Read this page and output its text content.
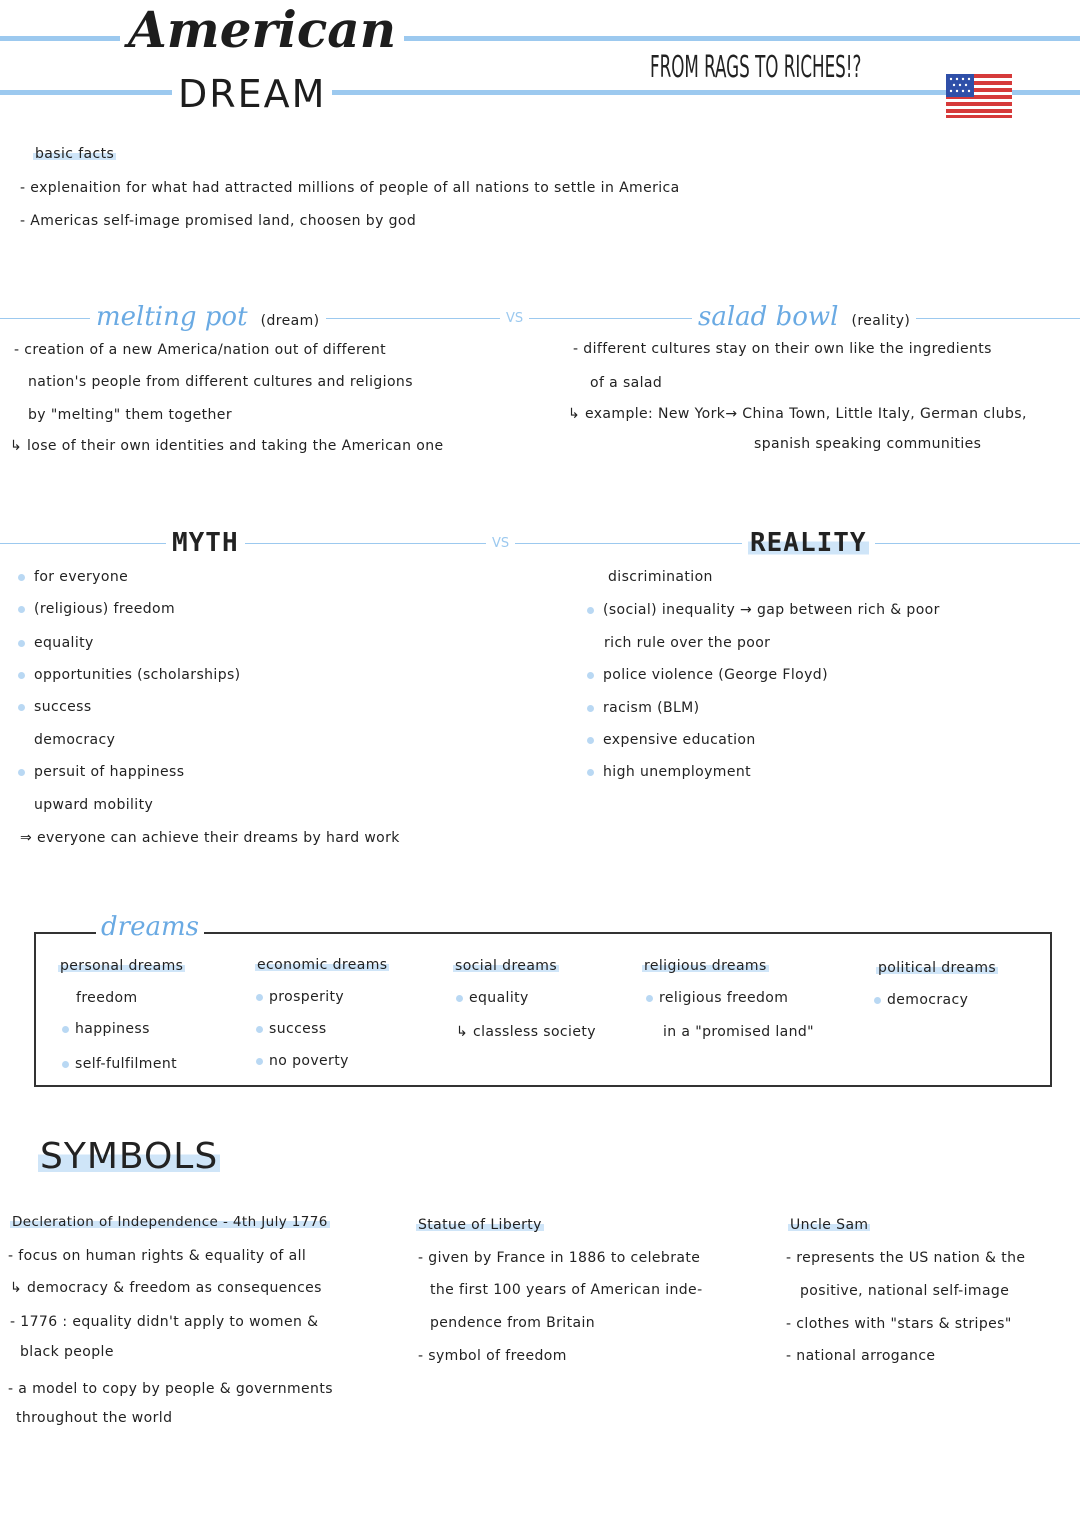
American
DREAM
FROM RAGS TO RICHES!?
basic facts
- explenaition for what had attracted millions of people of all nations to settle in America
- Americas self-image promised land, choosen by god
melting pot (dream)	VS	salad bowl (reality)
- creation of a new America/nation out of different
nation's people from different cultures and religions
by "melting" them together
↳ lose of their own identities and taking the American one
- different cultures stay on their own like the ingredients
of a salad
↳ example: New York→ China Town, Little Italy, German clubs,
spanish speaking communities
MYTH	VS	REALITY
for everyone
(religious) freedom
equality
opportunities (scholarships)
success
democracy
persuit of happiness
upward mobility
⇒ everyone can achieve their dreams by hard work
discrimination
(social) inequality → gap between rich & poor
rich rule over the poor
police violence (George Floyd)
racism (BLM)
expensive education
high unemployment
dreams
personal dreams
freedom
happiness
self-fulfilment
economic dreams
prosperity
success
no poverty
social dreams
equality
↳ classless society
religious dreams
religious freedom
in a "promised land"
political dreams
democracy
SYMBOLS
Decleration of Independence - 4th July 1776
- focus on human rights & equality of all
↳ democracy & freedom as consequences
- 1776 : equality didn't apply to women &
black people
- a model to copy by people & governments
throughout the world
Statue of Liberty
- given by France in 1886 to celebrate
the first 100 years of American inde-
pendence from Britain
- symbol of freedom
Uncle Sam
- represents the US nation & the
positive, national self-image
- clothes with "stars & stripes"
- national arrogance
